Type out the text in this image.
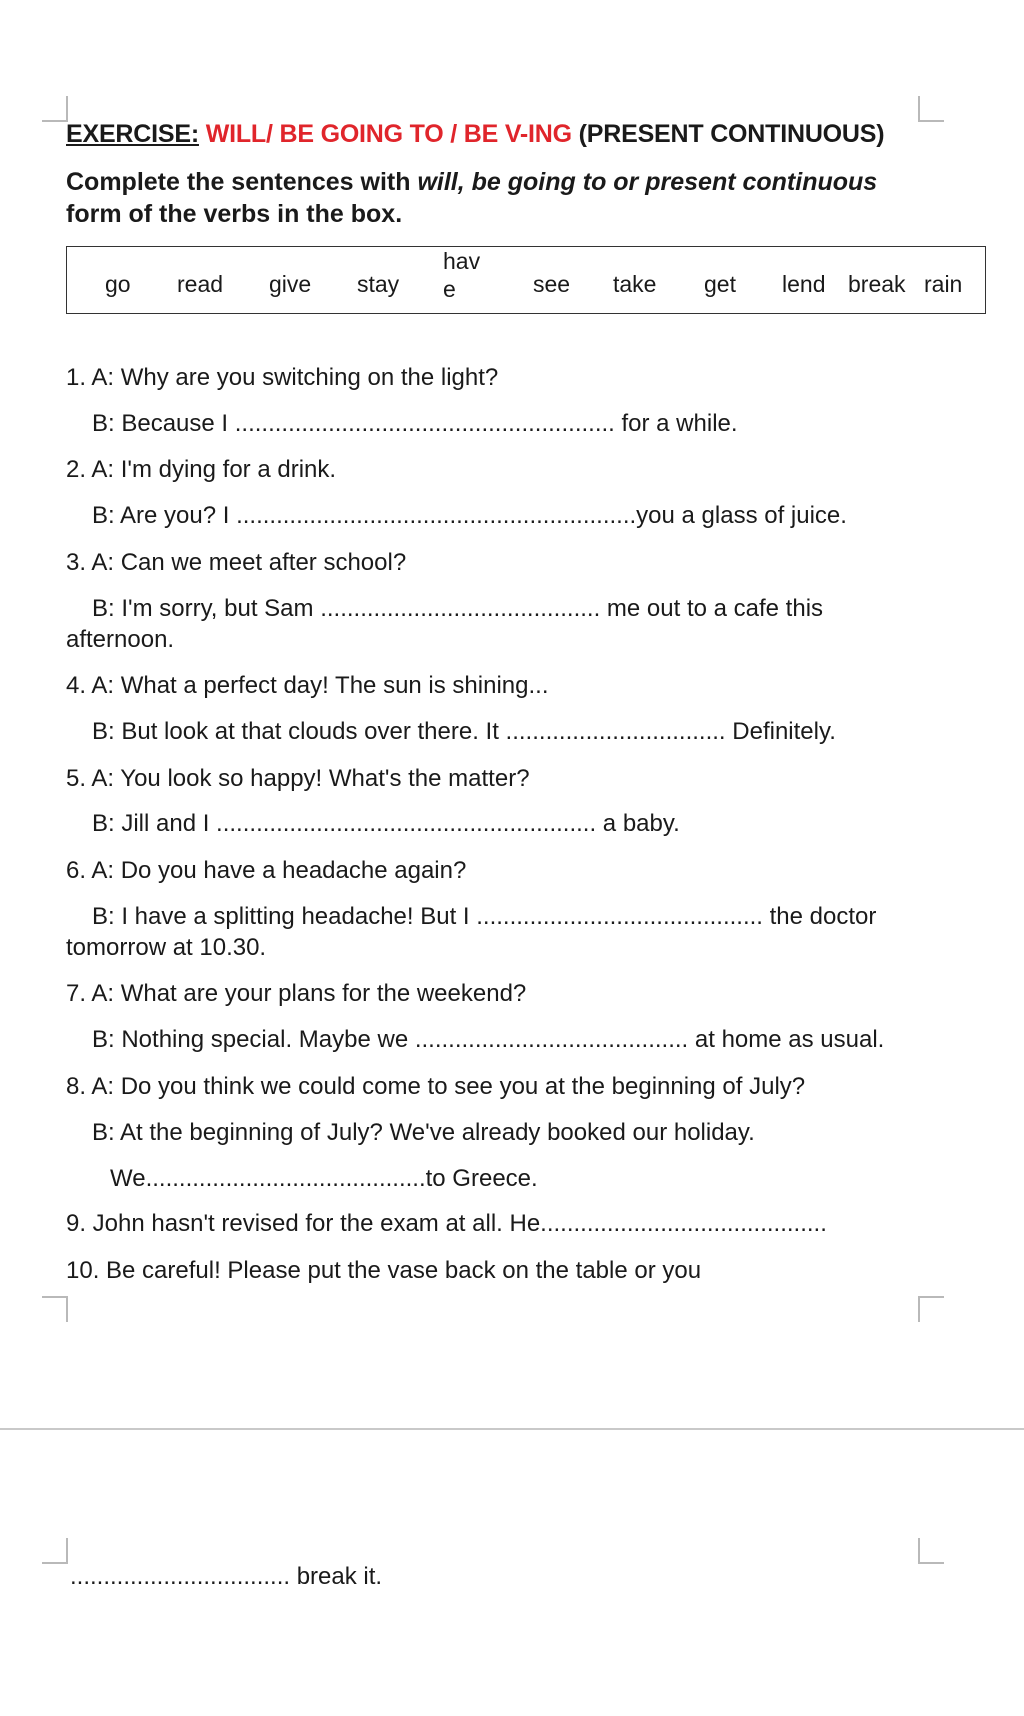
EXERCISE: WILL/ BE GOING TO / BE V-ING (PRESENT CONTINUOUS)
Complete the sentences with will, be going to or present continuous form of the verbs in the box.
go read give stay
hav
e	see take get lend break rain
1. A: Why are you switching on the light?
B: Because I ......................................................... for a while.
2. A: I'm dying for a drink.
B: Are you? I ............................................................you a glass of juice.
3. A: Can we meet after school?
B: I'm sorry, but Sam .......................................... me out to a cafe this
afternoon.
4. A: What a perfect day! The sun is shining...
B: But look at that clouds over there. It ................................. Definitely.
5. A: You look so happy! What's the matter?
B: Jill and I ......................................................... a baby.
6. A: Do you have a headache again?
B: I have a splitting headache! But I ........................................... the doctor
tomorrow at 10.30.
7. A: What are your plans for the weekend?
B: Nothing special. Maybe we ......................................... at home as usual.
8. A: Do you think we could come to see you at the beginning of July?
B: At the beginning of July? We've already booked our holiday.
We..........................................to Greece.
9. John hasn't revised for the exam at all. He...........................................
10. Be careful! Please put the vase back on the table or you
................................. break it.
